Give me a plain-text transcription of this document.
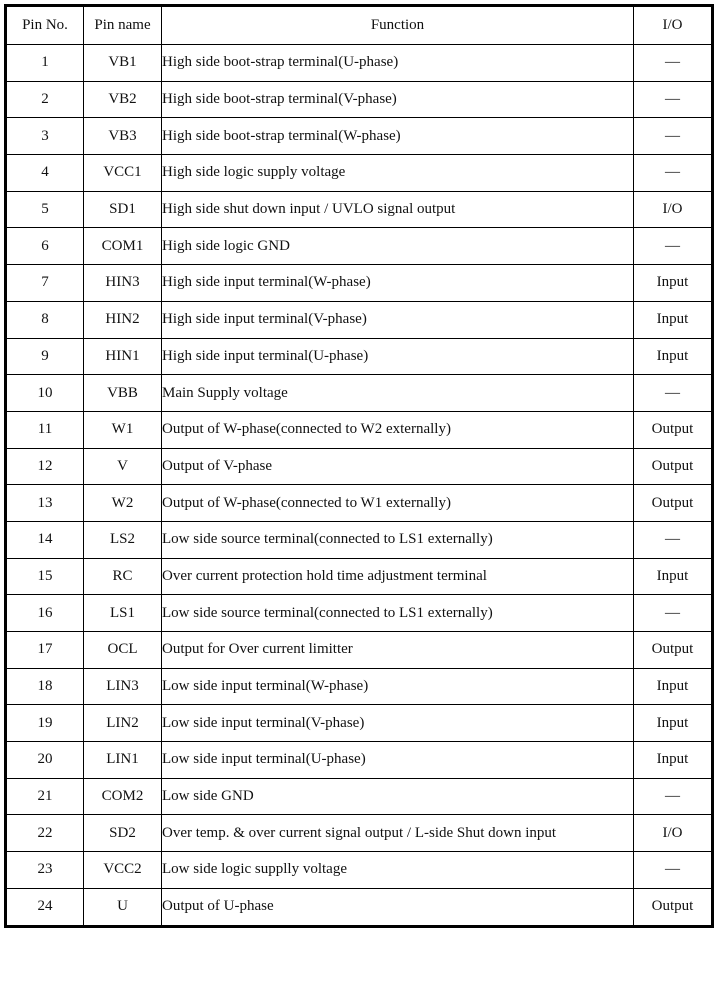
Pin No.	Pin name	Function	I/O
1	VB1	High side boot-strap terminal(U-phase)	—
2	VB2	High side boot-strap terminal(V-phase)	—
3	VB3	High side boot-strap terminal(W-phase)	—
4	VCC1	High side logic supply voltage	—
5	SD1	High side shut down input / UVLO signal output	I/O
6	COM1	High side logic GND	—
7	HIN3	High side input terminal(W-phase)	Input
8	HIN2	High side input terminal(V-phase)	Input
9	HIN1	High side input terminal(U-phase)	Input
10	VBB	Main Supply voltage	—
11	W1	Output of W-phase(connected to W2 externally)	Output
12	V	Output of V-phase	Output
13	W2	Output of W-phase(connected to W1 externally)	Output
14	LS2	Low side source terminal(connected to LS1 externally)	—
15	RC	Over current protection hold time adjustment terminal	Input
16	LS1	Low side source terminal(connected to LS1 externally)	—
17	OCL	Output for Over current limitter	Output
18	LIN3	Low side input terminal(W-phase)	Input
19	LIN2	Low side input terminal(V-phase)	Input
20	LIN1	Low side input terminal(U-phase)	Input
21	COM2	Low side GND	—
22	SD2	Over temp. & over current signal output / L-side Shut down input	I/O
23	VCC2	Low side logic supplly voltage	—
24	U	Output of U-phase	Output
